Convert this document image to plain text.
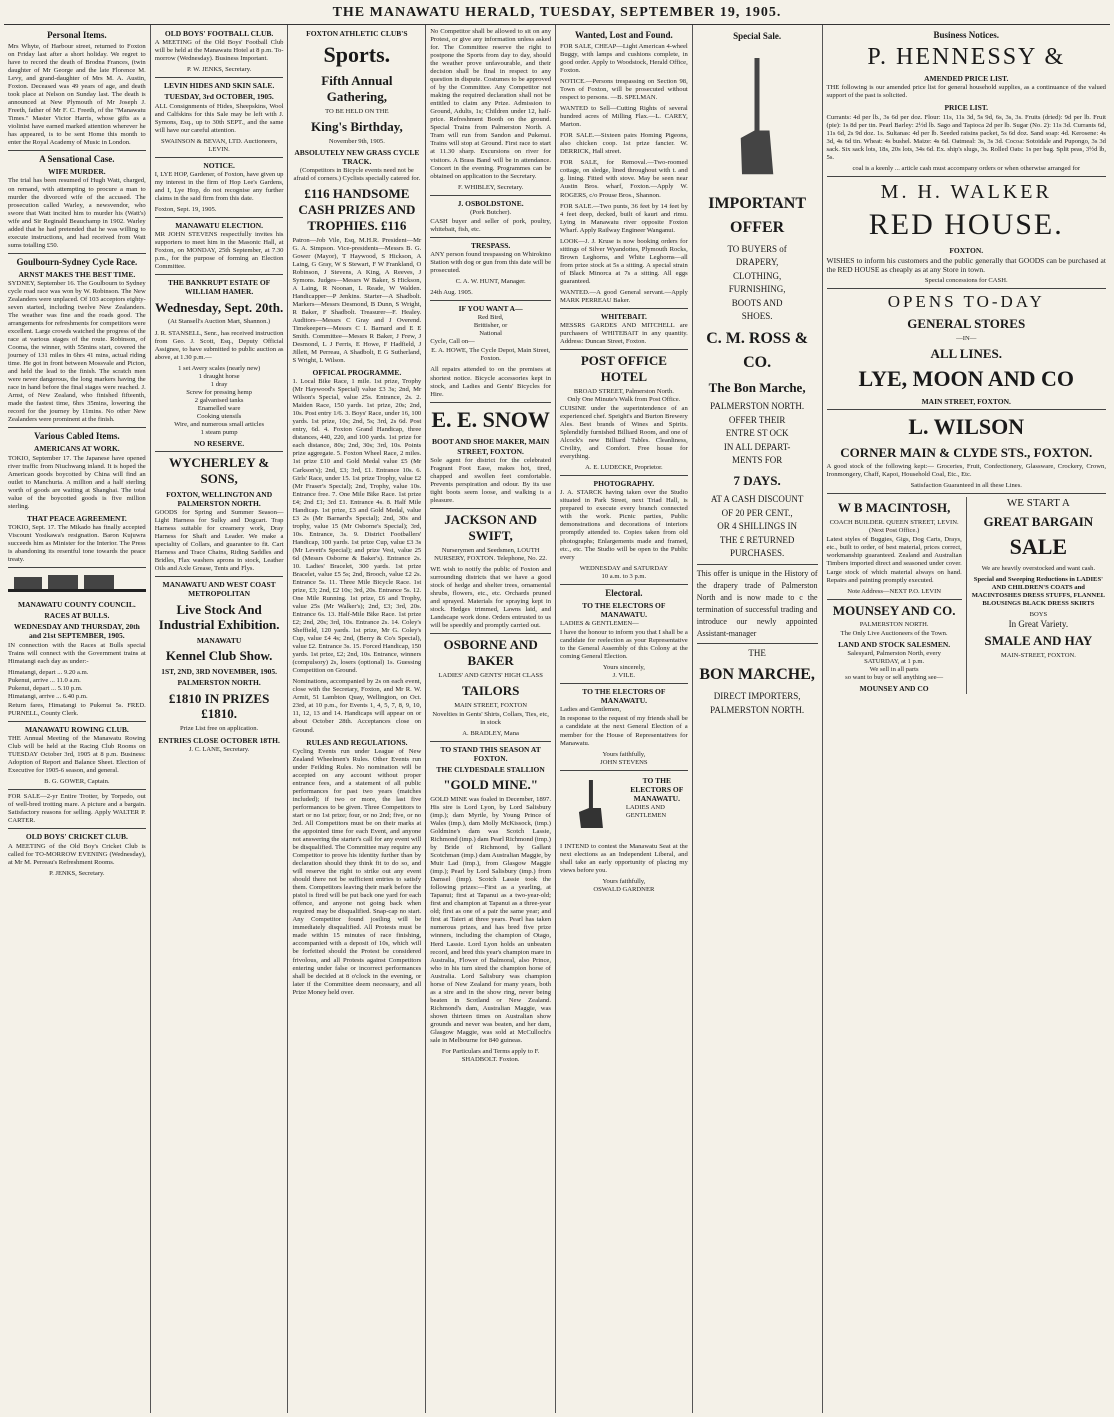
THE MANAWATU HERALD, TUESDAY, SEPTEMBER 19, 1905.
Personal Items.

Mrs Whyte, of Harbour street, returned to Foxton on Friday last after a short holiday. We regret to have to record the death of Brodna Frances, (twin daughter of Mr George and the late Florence M. Levy, and grand-daughter of Mrs M. A. Austin, Foxton. Deceased was 49 years of age, and death took place at Nelson on Sunday last. The death is announced at New Plymouth of Mr Joseph J. Freeth, father of Mr F. C. Freeth, of the "Manawatu Times." Master Victor Harris, whose gifts as a violinist have earned marked attention wherever he has appeared, is to be sent Home this month to enter the Royal Academy of Music in London.

A Sensational Case.
WIFE MURDER.

The trial has been resumed of Hugh Watt, charged, on remand, with attempting to procure a man to murder the divorced wife of the accused. The prosecution called Warley, a newsvendor, who swore that Watt incited him to murder his (Watt's) wife and Sir Reginald Beauchamp in 1902. Warley added that he had pretended that he was willing to execute instructions, and had received from Watt sums totalling £50.

Goulbourn-Sydney Cycle Race.
ARNST MAKES THE BEST TIME.

SYDNEY, September 16. The Goulbourn to Sydney cycle road race was won by W. Robinson. The New Zealanders were unplaced. Of 103 acceptors eighty-seven started, including twelve New Zealanders. The weather was fine and the roads good. The arrangements for refreshments for competitors were excellent. Large crowds watched the progress of the race at various stages of the route. Robinson, of Cooma, the winner, with 55mins start, covered the journey of 131 miles in 6hrs 41 mins, actual riding time. He got in front between Mossvale and Picton, and held the lead to the finish. The scratch men were never dangerous, the long markers having the race in hand before the final stages were reached. J. Arnst, of New Zealand, who finished fifteenth, made the fastest time, 6hrs 35mins, lowering the record for the journey by 11mins. No other New Zealanders were prominent at the finish.

Various Cabled Items.
AMERICANS AT WORK.

TOKIO, September 17. The Japanese have opened river traffic from Niuchwang inland. It is hoped the American goods boycotted by China will find an outlet to Manchuria. A million and a half sterling worth of goods are waiting at Shanghai. The total value of the boycotted goods is five million sterling.

THAT PEACE AGREEMENT.

TOKIO, Sept. 17. The Mikado has finally accepted Viscount Yosikawa's resignation. Baron Kujuwra succeeds him as Minister for the Interior. The Press is abandoning its resentful tone towards the peace treaty.

MANAWATU COUNTY COUNCIL.
RACES AT BULLS.
WEDNESDAY AND THURSDAY, 20th and 21st SEPTEMBER, 1905.

IN connection with the Races at Bulls special Trains will connect with the Government trains at Himatangi each day as under:-

Himatangi, depart ... 9.20 a.m.
Pukenui, arrive ... 11.0 a.m.
Pukenui, depart ... 5.10 p.m.
Himatangi, arrive ... 6.40 p.m.

Return fares, Himatangi to Pukenui 5s. FRED. PURNELL, County Clerk.

MANAWATU ROWING CLUB.

THE Annual Meeting of the Manawatu Rowing Club will be held at the Racing Club Rooms on TUESDAY October 3rd, 1905 at 8 p.m. Business: Adoption of Report and Balance Sheet. Election of Executive for 1905-6 season, and general.

B. G. GOWER, Captain.

FOR SALE—2-yr Entire Trotter, by Torpedo, out of well-bred trotting mare. A picture and a bargain. Satisfactory reasons for selling. Apply WALTER P. CARTER.

OLD BOYS' CRICKET CLUB.

A MEETING of the Old Boy's Cricket Club is called for TO-MORROW EVENING (Wednesday), at Mr M. Perreau's Refreshment Rooms.

P. JENKS, Secretary.

OLD BOYS' FOOTBALL CLUB.

A MEETING of the Old Boys' Football Club will be held at the Manawatu Hotel at 8 p.m. To-morrow (Wednesday). Business Important.

P. W. JENKS, Secretary.

LEVIN HIDES AND SKIN SALE.
TUESDAY, 3rd OCTOBER, 1905.

ALL Consignments of Hides, Sheepskins, Wool and Calfskins for this Sale may be left with J. Symons, Esq., up to 30th SEPT., and the same will have our careful attention.

SWAINSON & BEVAN, LTD. Auctioneers, LEVIN.

NOTICE.

I, LYE HOP, Gardener, of Foxton, have given up my interest in the firm of Hop Lee's Gardens, and I, Lye Hop, do not recognise any further claims in the said firm from this date.

Foxton, Sept. 19, 1905.

MANAWATU ELECTION.

MR JOHN STEVENS respectfully invites his supporters to meet him in the Masonic Hall, at Foxton, on MONDAY, 25th September, at 7.30 p.m., for the purpose of forming an Election Committee.

THE BANKRUPT ESTATE OF WILLIAM HAMER.
Wednesday, Sept. 20th.

(At Stansell's Auction Mart, Shannon.)

J. R. STANSELL, Senr., has received instruction from Geo. J. Scott, Esq., Deputy Official Assignee, to have submitted to public auction as above, at 1.30 p.m.—

1 set Avery scales (nearly new)
1 draught horse
1 dray
Screw for pressing hemp
2 galvanised tanks
Enamelled ware
Cooking utensils
Wire, and numerous small articles
1 steam pump
NO RESERVE.
WYCHERLEY & SONS,
FOXTON, WELLINGTON AND PALMERSTON NORTH.

GOODS for Spring and Summer Season— Light Harness for Sulky and Dogcart. Trap Harness suitable for creamery work, Dray Harness for Shaft and Leader. We make a speciality of Collars, and guarantee to fit. Cart Harness and Trace Chains, Riding Saddles and Bridles, Flax washers aprons in stock, Leather Oils and Axle Grease, Tents and Flys.

MANAWATU AND WEST COAST METROPOLITAN
Live Stock And Industrial Exhibition.
MANAWATU
Kennel Club Show.
1ST, 2ND, 3RD NOVEMBER, 1905.
PALMERSTON NORTH.
£1810 IN PRIZES £1810.

Prize List free on application.

ENTRIES CLOSE OCTOBER 18TH.

J. C. LANE, Secretary.

FOXTON ATHLETIC CLUB'S
Sports.
Fifth Annual Gathering,
TO BE HELD ON THE
King's Birthday,
November 9th, 1905.
ABSOLUTELY NEW GRASS CYCLE TRACK.

(Competitors in Bicycle events need not be afraid of corners.) Cyclists specially catered for.

£116 HANDSOME CASH PRIZES AND TROPHIES. £116

Patron—Job Vile, Esq, M.H.R. President—Mr G. A. Simpson. Vice-presidents—Messrs B. G. Gower (Mayor), T Haywood, S Hickson, A Laing, G Gray, W S Stewart, F W Frankland, O Robinson, J Stevens, A King, A Reeves, J Symons. Judges—Messrs W Baker, S Hickson, A Laing, R Noonan, L Reade, W Walden. Handicapper—P Jenkins. Starter—A Shadbolt. Markers—Messrs Desmond, B Dunn, S Wright, R Baker, F Shadbolt. Treasurer—F. Healey. Auditors—Messrs C Gray and J Overend. Timekeepers—Messrs C I. Barnard and E E Smith. Committee—Messrs R Baker, J Frew, J Desmond, L J Ferris, E Howe, F Hadfield, J Jillett, M Perreau, A Shadbolt, E G Sutherland, S Wright, L Wilson.

OFFICAL PROGRAMME.

1. Local Bike Race, 1 mile. 1st prize, Trophy (Mr Haywood's Special) value £3 3s; 2nd, Mr Wilson's Special, value 25s. Entrance, 2s. 2. Maiden Race, 150 yards. 1st prize, 20s; 2nd, 10s. Post entry 1/6. 3. Boys' Race, under 16, 100 yards. 1st prize, 10s; 2nd, 5s; 3rd, 2s 6d. Post entry, 6d. 4. Foxton Grand Handicap, three distances, 440, 220, and 100 yards. 1st prize for each distance, 80s; 2nd, 30s; 3rd, 10s. Points prize aggregate. 5. Foxton Wheel Race, 2 miles. 1st prize £10 and Gold Medal value £5 (Mr Carkson's); 2nd, £3; 3rd, £1. Entrance 10s. 6. Girls' Race, under 15. 1st prize Trophy, value £2 (Mr Fraser's Special); 2nd, Trophy, value 10s. Entrance free. 7. One Mile Bike Race. 1st prize £4; 2nd £1; 3rd £1. Entrance 4s. 8. Half Mile Handicap. 1st prize, £3 and Gold Medal, value £3 2s (Mr Barnard's Special); 2nd, 30s and trophy, value 15 (Mr Osborne's Special); 3rd, 10s. Entrance, 3s. 9. District Footballers' Handicap, 100 yards. 1st prize Cup, value £3 3s (Mr Levett's Special); and prize Vest, value 25 6d (Messrs Osborne & Baker's). Entrance 2s. 10. Ladies' Bracelet, 300 yards. 1st prize Bracelet, value £5 5s; 2nd, Brooch, value £2 2s. Entrance 5s. 11. Three Mile Bicycle Race. 1st prize, £3; 2nd, £2 10s; 3rd, 20s. Entrance 5s. 12. One Mile Running. 1st prize, £6 and Trophy, value 25s (Mr Walker's); 2nd, £3; 3rd, 20s. Entrance 6s. 13. Half-Mile Bike Race. 1st prize £2; 2nd, 20s; 3rd, 10s. Entrance 2s. 14. Coley's Sheffield, 120 yards. 1st prize, Mr G. Coley's Cup, value £4 4s; 2nd, (Berry & Co's Special), value £2. Entrance 3s. 15. Forced Handicap, 150 yards. 1st prize, £2; 2nd, 10s. Entrance, winners (compulsory) 2s, losers (optional) 1s. Guessing Competition on Ground.

Nominations, accompanied by 2s on each event, close with the Secretary, Foxton, and Mr R. W. Armit, 51 Lambton Quay, Wellington, on Oct. 23rd, at 10 p.m., for Events 1, 4, 5, 7, 8, 9, 10, 11, 12, 13 and 14. Handicaps will appear on or about October 28th. Acceptances close on Ground.

RULES AND REGULATIONS.

Cycling Events run under League of New Zealand Wheelmen's Rules. Other Events run under Feilding Rules. No nomination will be accepted on any account without proper entrance fees, and a statement of all public performances for past two years (matches included); if two or more, the last five performances to be given. Three Competitors to start or no 1st prize; four, or no 2nd; five, or no 3rd. All Competitors must be on their marks at the appointed time for each Event, and anyone not answering the starter's call for any event will be disqualified. The Committee may require any Competitor to prove his identity further than by declaration should they think fit to do so, and will reserve the right to strike out any event should there not be sufficient entries to satisfy them. Competitors leaving their mark before the pistol is fired will be put back one yard for each offence, and anyone not going back when required may be disqualified. Snap-cap no start. Any Competitor found jostling will be immediately disqualified. All Protests must be made within 15 minutes of race finishing, accompanied with a deposit of 10s, which will be forfeited should the Protest be considered frivolous, and all Protests against Competitors entering under false or incorrect performances shall be decided at 8 o'clock in the evening, or later if the Committee deem necessary, and all Prize Money held over.

No Competitor shall be allowed to sit on any Protest, or give any information unless asked for. The Committee reserve the right to postpone the Sports from day to day, should the weather prove unfavourable, and their decision shall be final in respect to any question in dispute. Costumes to be approved of by the Committee. Any Competitor not making the required declaration shall not be entitled to claim any Prize. Admission to Ground, Adults, 1s; Children under 12, half-price. Refreshment Booth on the ground. Special Trains from Palmerston North. A Tram will run from Sandon and Pukenui. Trains will stop at Ground. First race to start at 11.30 sharp. Excursions on river for visitors. A Brass Band will be in attendance. Concert in the evening. Programmes can be obtained on application to the Secretary.

F. WHIBLEY, Secretary.

J. OSBOLDSTONE.
(Pork Butcher).

CASH buyer and seller of pork, poultry, whitebait, fish, etc.

TRESPASS.

ANY person found trespassing on Whirokino Station with dog or gun from this date will be prosecuted.

C. A. W. HUNT, Manager.

24th Aug. 1905.

IF YOU WANT A—
Red Bird,
Brittisher, or
National
Cycle, Call on—

E. A. HOWE, The Cycle Depot, Main Street, Foxton.

All repairs attended to on the premises at shortest notice. Bicycle accessories kept in stock, and Ladies and Gents' Bicycles for Hire.

E. E. SNOW
BOOT AND SHOE MAKER, MAIN STREET, FOXTON.

Sole agent for district for the celebrated Fragrant Foot Ease, makes hot, tired, chapped and swollen feet comfortable. Prevents perspiration and odour. By its use tight boots seem loose, and walking is a pleasure.

JACKSON AND SWIFT,

Nurserymen and Seedsmen, LOUTH NURSERY, FOXTON. Telephone, No. 22.

WE wish to notify the public of Foxton and surrounding districts that we have a good stock of hedge and shelter trees, ornamental shrubs, flowers, etc., etc. Orchards pruned and sprayed. Materials for spraying kept in stock. Hedges trimmed, Lawns laid, and Landscape work done. Orders entrusted to us will be speedily and promptly carried out.

OSBORNE AND BAKER
LADIES' AND GENTS' HIGH CLASS
TAILORS
MAIN STREET, FOXTON

Novelties in Gents' Shirts, Collars, Ties, etc, in stock

A. BRADLEY, Mana

TO STAND THIS SEASON AT FOXTON.
THE CLYDESDALE STALLION
"GOLD MINE."

GOLD MINE was foaled in December, 1897. His sire is Lord Lyon, by Lord Salisbury (imp.); dam Myrtle, by Young Prince of Wales (imp.), dam Molly McKissock, (imp.) Goldmine's dam was Scotch Lassie, Richmond (imp.) dam Pearl Richmond (imp.) by Bride of Richmond, by Gallant Scotchman (imp.) dam Australian Maggie, by Muir Lad (imp.), from Glasgow Maggie (imp.); Pearl by Lord Salisbury (imp.) from Damsel (imp). Scotch Lassie took the following prizes:—First as a yearling, at Tapanui; first at Tapanui as a two-year-old; first and champion at Tapanui as a three-year old; first as one of a pair the same year; and first at Taieri at three years. Pearl has taken numerous prizes, and has bred five prize winners, including the champion of Otago, Herd Lassie. Lord Lyon holds an unbeaten record, and bred this year's champion mare in Australia, Flower of Balmoral, also Prince, who in his turn sired the champion horse of Australia. Lord Salisbury was champion horse of New Zealand for many years, both as a sire and in the show ring, never being beaten in Scotland or New Zealand. Richmond's dam, Australian Maggie, was shown thirteen times on Australian show grounds and never was beaten, and her dam, Glasgow Maggie, was sold at McCulloch's sale in Melbourne for 840 guineas.

For Particulars and Terms apply to F. SHADBOLT. Foxton.

Wanted, Lost and Found.

FOR SALE, CHEAP—Light American 4-wheel Buggy, with lamps and cushions complete, in good order. Apply to Woodstock, Herald Office, Foxton.

NOTICE.—Persons trespassing on Section 98, Town of Foxton, will be prosecuted without respect to persons. —B. SPELMAN.

WANTED to Sell—Cutting Rights of several hundred acres of Milling Flax.—L. CAREY, Marton.

FOR SALE.—Sixteen pairs Homing Pigeons, also chicken coop. 1st prize fancier. W. DERRICK, Hall street.

FOR SALE, for Removal.—Two-roomed cottage, on sledge, lined throughout with t. and g. lining. Fitted with stove. May be seen near Austin Bros. wharf, Foxton.—Apply W. ROGERS, c/o Prouse Bros., Shannon.

FOR SALE.—Two punts, 36 feet by 14 feet by 4 feet deep, decked, built of kauri and rimu. Lying in Manawatu river opposite Foxton Wharf. Apply Railway Engineer Wanganui.

LOOK—J. J. Kruse is now booking orders for sittings of Silver Wyandottes, Plymouth Rocks, Brown Leghorns, and White Leghorns—all from prize stock at 5s a sitting. A special strain of Black Minorca at 7s a sitting. All eggs guaranteed.

WANTED.—A good General servant.—Apply MARK PERREAU Baker.

WHITEBAIT.

MESSRS GARDES AND MITCHELL are purchasers of WHITEBAIT in any quantity. Address: Duncan Street, Foxton.

POST OFFICE HOTEL
BROAD STREET, Palmerston North.
Only One Minute's Walk from Post Office.

CUISINE under the superintendence of an experienced chef. Speight's and Burton Brewery Ales. Best brands of Wines and Spirits. Splendidly furnished Billiard Room, and one of Alcock's new Billiard Tables. Cleanliness, Civility, and Comfort. Free house for everything.

A. E. LUDECKE, Proprietor.

PHOTOGRAPHY.

J. A. STARCK having taken over the Studio situated in Park Street, next Triad Hall, is prepared to execute every branch connected with the work. Picnic parties, Public demonstrations and decorations of interiors promptly attended to. Copies taken from old photographs; Enlargements made and framed, etc., etc. The Studio will be open to the Public every

WEDNESDAY and SATURDAY
10 a.m. to 3 p.m.
Electoral.
TO THE ELECTORS OF MANAWATU.
LADIES & GENTLEMEN—

I have the honour to inform you that I shall be a candidate for reelection as your Representative to the General Assembly of this Colony at the coming General Election.

Yours sincerely,
J. VILE.
TO THE ELECTORS OF MANAWATU.
Ladies and Gentlemen,

In response to the request of my friends shall be a candidate at the next General Election of a member for the House of Representatives for Manawatu.

Yours faithfully,
JOHN STEVENS
TO THE ELECTORS OF MANAWATU.
LADIES AND GENTLEMEN

I INTEND to contest the Manawatu Seat at the next elections as an Independent Liberal, and shall take an early opportunity of placing my views before you.

Yours faithfully,
OSWALD GARDNER
Special Sale.
IMPORTANT OFFER
TO BUYERS of
DRAPERY,
CLOTHING,
FURNISHING,
BOOTS AND
SHOES.
C. M. ROSS & CO.
The Bon Marche,
PALMERSTON NORTH.
OFFER THEIR
ENTRE ST OCK
IN ALL DEPART-
MENTS FOR
7 DAYS.
AT A CASH DISCOUNT
OF 20 PER CENT.,
OR 4 SHILLINGS IN
THE £ RETURNED
PURCHASES.

This offer is unique in the History of the drapery trade of Palmerston North and is now made to c the termination of successful trading and introduce our newly appointed Assistant-manager

THE
BON MARCHE,
DIRECT IMPORTERS,
PALMERSTON NORTH.
Business Notices.
P. HENNESSY &
AMENDED PRICE LIST.

THE following is our amended price list for general household supplies, as a continuance of the valued support of the past is solicited.

PRICE LIST.

Currants: 4d per lb., 3s 6d per doz. Flour: 11s, 11s 3d, 5s 9d, 6s, 3s, 3s. Fruits (dried): 9d per lb. Fruit (pie): 1s 8d per tin. Pearl Barley: 2½d lb. Sago and Tapioca 2d per lb. Sugar (No. 2): 11s 3d. Currants 6d, 11s 6d, 2s 9d doz. 1s. Sultanas: 4d per lb. Seeded raisins packet, 5s 6d doz. Sand soap: 4d. Kerosene: 4s 3d, 4s 6d tin. Wheat: 4s bushel. Maize: 4s 6d. Oatmeal: 3s, 3s 3d. Cocoa: Sotoidale and Pupongo, 3s 3d sack. Six sack lots, 18s, 20s lots, 34s 6d. Ex. ship's slugs, 3s. Rolled Oats: 1s per bag. Split peas, 3½d lb, 5s.

coal is a keenly ... article cash must accompany orders or when otherwise arranged for

M. H. WALKER
RED HOUSE.
FOXTON.

WISHES to inform his customers and the public generally that GOODS can be purchased at the RED HOUSE as cheaply as at any Store in town.

Special concessions for CASH.

OPENS TO-DAY
GENERAL STORES
—IN—
ALL LINES.
LYE, MOON AND CO
MAIN STREET, FOXTON.
L. WILSON
CORNER MAIN & CLYDE STS., FOXTON.

A good stock of the following kept:— Groceries, Fruit, Confectionery, Glassware, Crockery, Crown, Ironmongery, Chaff, Kapoi, Household Coal, Etc., Etc.

Satisfaction Guaranteed in all these Lines.

W B MACINTOSH,
COACH BUILDER. QUEEN STREET, LEVIN. (Next Post Office.)

Latest styles of Buggies, Gigs, Dog Carts, Drays, etc., built to order, of best material, prices correct, workmanship guaranteed. Zealand and Australian Timbers imported direct and seasoned under cover. Large stock of which material always on hand. Repairs and painting promptly executed.

Note Address—NEXT P.O. LEVIN
MOUNSEY AND CO.
PALMERSTON NORTH.
The Only Live Auctioneers of the Town.
LAND AND STOCK SALESMEN.
Salesyard, Palmerston North, every
SATURDAY, at 1 p.m.
We sell in all parts
so want to buy or sell anything see—
MOUNSEY AND CO
WE START A
GREAT BARGAIN
SALE

We are heavily overstocked and want cash.

Special and Sweeping Reductions in LADIES' AND CHILDREN'S COATS and MACINTOSHES DRESS STUFFS, FLANNEL BLOUSINGS BLACK DRESS SKIRTS

BOYS
In Great Variety.
SMALE AND HAY
MAIN-STREET, FOXTON.
